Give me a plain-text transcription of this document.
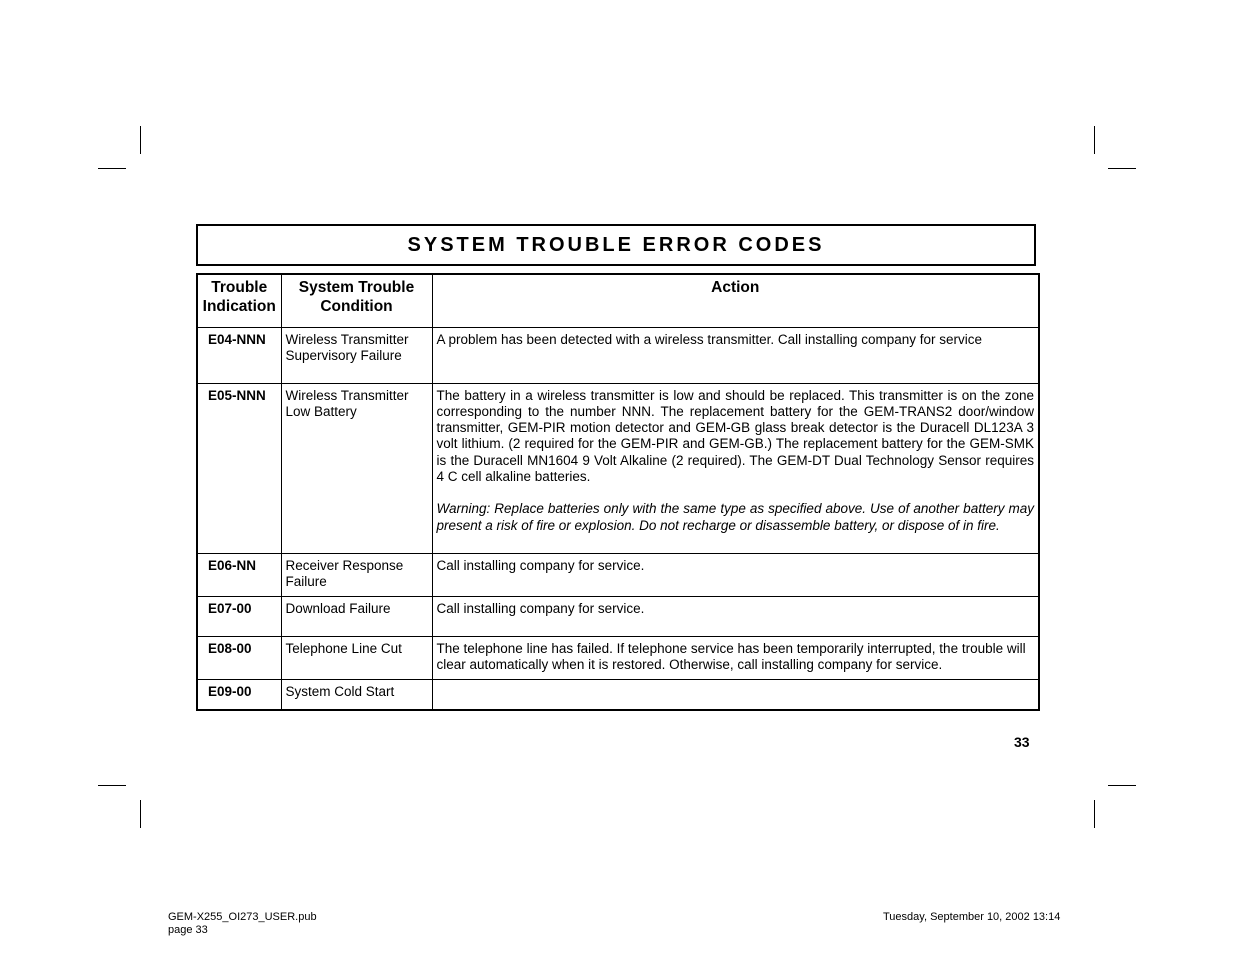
SYSTEM TROUBLE ERROR CODES
Trouble Indication	System Trouble Condition	Action
E04-NNN	Wireless Transmitter Supervisory Failure	A problem has been detected with a wireless transmitter. Call installing company for service
E05-NNN	Wireless Transmitter Low Battery	The battery in a wireless transmitter is low and should be replaced. This transmitter is on the zone corresponding to the number NNN. The replacement battery for the GEM-TRANS2 door/window transmitter, GEM-PIR motion detector and GEM-GB glass break detector is the Duracell DL123A 3 volt lithium. (2 required for the GEM-PIR and GEM-GB.) The replacement battery for the GEM-SMK is the Duracell MN1604 9 Volt Alkaline (2 required). The GEM-DT Dual Technology Sensor requires 4 C cell alkaline batteries.
Warning: Replace batteries only with the same type as specified above. Use of another battery may present a risk of fire or explosion. Do not recharge or disassemble battery, or dispose of in fire.

E06-NN	Receiver Response Failure	Call installing company for service.
E07-00	Download Failure	Call installing company for service.
E08-00	Telephone Line Cut	The telephone line has failed. If telephone service has been temporarily interrupted, the trouble will clear automatically when it is restored. Otherwise, call installing company for service.
E09-00	System Cold Start	
33
GEM-X255_OI273_USER.pub
page 33
Tuesday, September 10, 2002 13:14
